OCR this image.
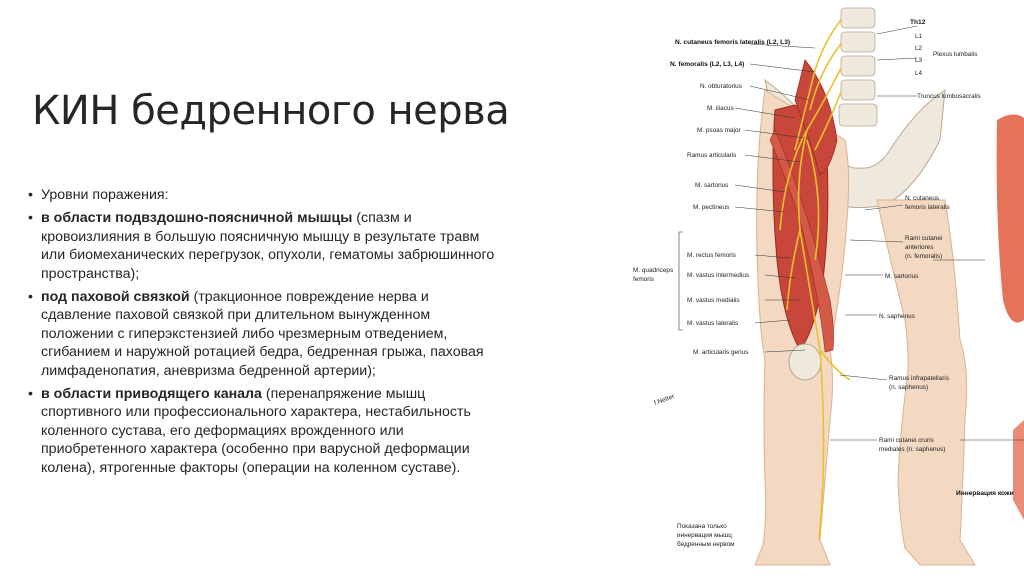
КИН бедренного нерва
• Уровни поражения:
• в области подвздошно-поясничной мышцы (спазм и кровоизлияния в большую поясничную мышцу в результате травм или биомеханических перегрузок, опухоли, гематомы забрюшинного пространства);
• под паховой связкой (тракционное повреждение нерва и сдавление паховой связкой при длительном вынужденном положении с гиперэкстензией либо чрезмерным отведением, сгибанием и наружной ротацией бедра, бедренная грыжа, паховая лимфаденопатия, аневризма бедренной артерии);
• в области приводящего канала (перенапряжение мышц спортивного или профессионального характера, нестабильность коленного сустава, его деформациях врожденного или приобретенного характера (особенно при варусной деформации колена), ятрогенные факторы (операции на коленном суставе).
f.Netter
Th12
L1
L2
L3
L4
Plexus lumbalis
Truncus lumbosacralis
N. cutaneus femoris lateralis (L2, L3)
N. femoralis (L2, L3, L4)
N. obturatorius
M. iliacus
M. psoas major
Ramus articularis
M. sartorius
M. pectineus
M. quadriceps
femoris
M. rectus femoris
M. vastus intermedius
M. vastus medialis
M. vastus lateralis
M. articularis genus
N. cutaneus
femoris lateralis
Rami cutanei
anteriores
(n. femoralis)
M. sartorius
N. saphenus
Ramus infrapatellaris
(n. saphenus)
Rami cutanei cruris
mediales (n. saphenus)
Иннервация кожи
Показана только
иннервация мышц
бедренным нервом
